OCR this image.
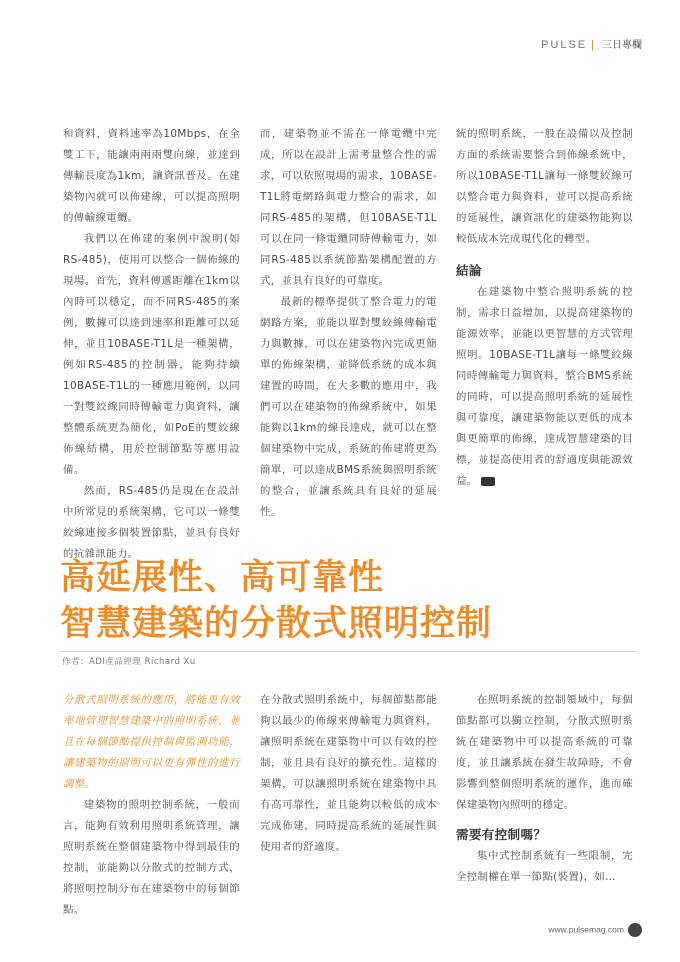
PULSE | 三日專欄

和資料，資料速率為10Mbps，在全雙工下，能讓兩兩兩雙向線，並達到傳輸長度為1km，讓資訊普及。在建築物內就可以佈建線，可以提高照明的傳輸線電纜。

我們以在佈建的案例中說明(如RS-485)，使用可以整合一個佈線的現場。首先，資料傳遞距離在1km以內時可以穩定，而不同RS-485的案例，數據可以達到速率和距離可以延伸，並且10BASE-T1L是一種架構，例如RS-485的控制器，能夠持續10BASE-T1L的一種應用範例，以同一對雙絞線同時傳輸電力與資料，讓整體系統更為簡化，如PoE的雙絞線佈線結構，用於控制節點等應用設備。

然而，RS-485仍是現在在設計中所常見的系統架構，它可以一條雙絞線連接多個裝置節點，並具有良好的抗雜訊能力。

而，建築物並不需在一條電纜中完成，所以在設計上需考量整合性的需求，可以依照現場的需求，10BASE-T1L將電網路與電力整合的需求，如同RS-485的架構，但10BASE-T1L可以在同一條電纜同時傳輸電力，如同RS-485以系統節點架構配置的方式，並具有良好的可靠度。

最新的標準提供了整合電力的電網路方案，並能以單對雙絞線傳輸電力與數據，可以在建築物內完成更簡單的佈線架構，並降低系統的成本與建置的時間，在大多數的應用中，我們可以在建築物的佈線系統中，如果能夠以1km的線長達成，就可以在整個建築物中完成，系統的佈建將更為簡單，可以達成BMS系統與照明系統的整合，並讓系統具有良好的延展性。

統的照明系統，一般在設備以及控制方面的系統需要整合到佈線系統中，所以10BASE-T1L讓每一條雙絞線可以整合電力與資料，並可以提高系統的延展性，讓資訊化的建築物能夠以較低成本完成現代化的轉型。

結論

在建築物中整合照明系統的控制，需求日益增加，以提高建築物的能源效率，並能以更智慧的方式管理照明。10BASE-T1L讓每一條雙絞線同時傳輸電力與資料，整合BMS系統的同時，可以提高照明系統的延展性與可靠度，讓建築物能以更低的成本與更簡單的佈線，達成智慧建築的目標，並提高使用者的舒適度與能源效益。

高延展性、高可靠性
智慧建築的分散式照明控制
作者：ADI產品經理 Richard Xu

分散式照明系統的應用，將能更有效率地管理智慧建築中的照明系統，並且在每個節點提供控制與監測功能，讓建築物的照明可以更有彈性的進行調整。

建築物的照明控制系統，一般而言，能夠有效利用照明系統管理，讓照明系統在整個建築物中得到最佳的控制，並能夠以分散式的控制方式，將照明控制分布在建築物中的每個節點。

在分散式照明系統中，每個節點都能夠以最少的佈線來傳輸電力與資料，讓照明系統在建築物中可以有效的控制，並且具有良好的擴充性。這樣的架構，可以讓照明系統在建築物中具有高可靠性，並且能夠以較低的成本完成佈建，同時提高系統的延展性與使用者的舒適度。

在照明系統的控制領域中，每個節點都可以獨立控制，分散式照明系統在建築物中可以提高系統的可靠度，並且讓系統在發生故障時，不會影響到整個照明系統的運作，進而確保建築物內照明的穩定。

需要有控制嗎？

集中式控制系統有一些限制，完全控制權在單一節點(裝置)，如…

www.pulsemag.com
